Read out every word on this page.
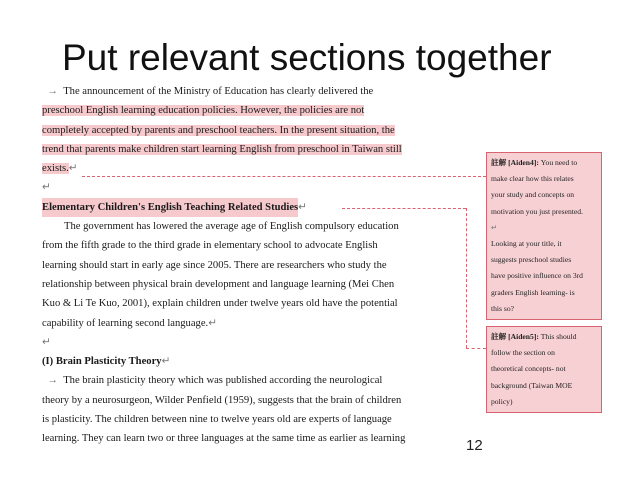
Put relevant sections together
→  The announcement of the Ministry of Education has clearly delivered the
preschool English learning education policies. However, the policies are not
completely accepted by parents and preschool teachers. In the present situation, the
trend that parents make children start learning English from preschool in Taiwan still
exists.↵
↵
Elementary Children's English Teaching Related Studies↵
The government has lowered the average age of English compulsory education
from the fifth grade to the third grade in elementary school to advocate English
learning should start in early age since 2005. There are researchers who study the
relationship between physical brain development and language learning (Mei Chen
Kuo & Li Te Kuo, 2001), explain children under twelve years old have the potential
capability of learning second language.↵
↵
(I) Brain Plasticity Theory↵
→  The brain plasticity theory which was published according the neurological
theory by a neurosurgeon, Wilder Penfield (1959), suggests that the brain of children
is plasticity. The children between nine to twelve years old are experts of language
learning. They can learn two or three languages at the same time as earlier as learning
註解 [Aiden4]: You need to
make clear how this relates
your study and concepts on
motivation you just presented.
↵
Looking at your title, it
suggests preschool studies
have positive influence on 3rd
graders English learning- is
this so?
註解 [Aiden5]: This should
follow the section on
theoretical concepts- not
background (Taiwan MOE
policy)
12
